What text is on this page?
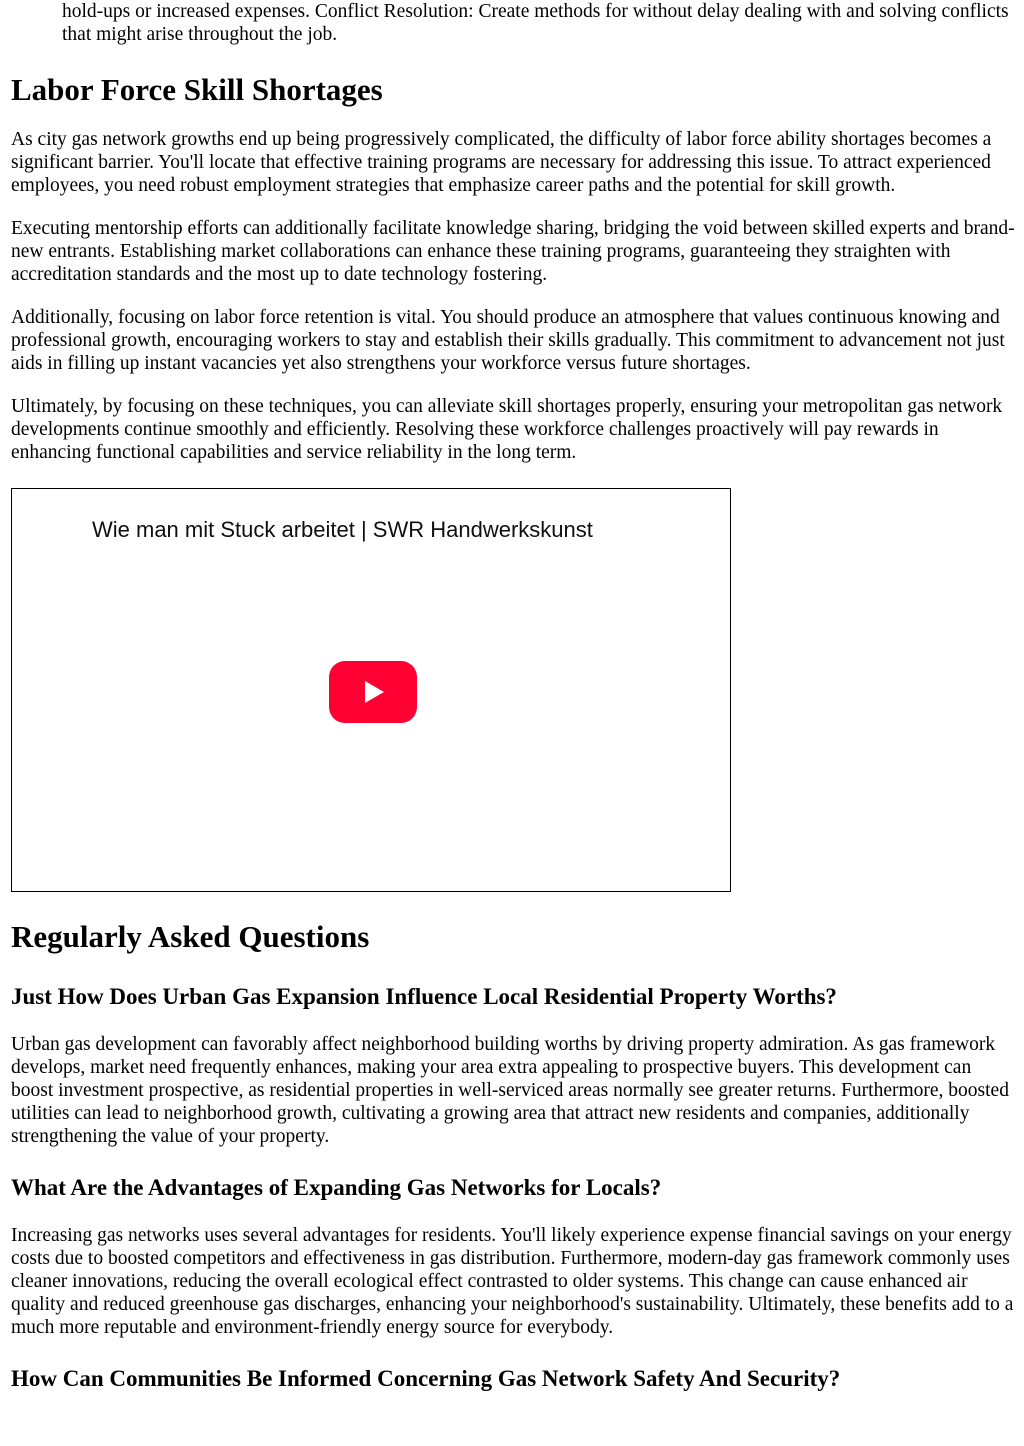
hold-ups or increased expenses. Conflict Resolution: Create methods for without delay dealing with and solving conflicts that might arise throughout the job.

Labor Force Skill Shortages

As city gas network growths end up being progressively complicated, the difficulty of labor force ability shortages becomes a significant barrier. You'll locate that effective training programs are necessary for addressing this issue. To attract experienced employees, you need robust employment strategies that emphasize career paths and the potential for skill growth.

Executing mentorship efforts can additionally facilitate knowledge sharing, bridging the void between skilled experts and brand-new entrants. Establishing market collaborations can enhance these training programs, guaranteeing they straighten with accreditation standards and the most up to date technology fostering.

Additionally, focusing on labor force retention is vital. You should produce an atmosphere that values continuous knowing and professional growth, encouraging workers to stay and establish their skills gradually. This commitment to advancement not just aids in filling up instant vacancies yet also strengthens your workforce versus future shortages.

Ultimately, by focusing on these techniques, you can alleviate skill shortages properly, ensuring your metropolitan gas network developments continue smoothly and efficiently. Resolving these workforce challenges proactively will pay rewards in enhancing functional capabilities and service reliability in the long term.

Wie man mit Stuck arbeitet | SWR Handwerkskunst
Regularly Asked Questions
Just How Does Urban Gas Expansion Influence Local Residential Property Worths?

Urban gas development can favorably affect neighborhood building worths by driving property admiration. As gas framework develops, market need frequently enhances, making your area extra appealing to prospective buyers. This development can boost investment prospective, as residential properties in well-serviced areas normally see greater returns. Furthermore, boosted utilities can lead to neighborhood growth, cultivating a growing area that attract new residents and companies, additionally strengthening the value of your property.

What Are the Advantages of Expanding Gas Networks for Locals?

Increasing gas networks uses several advantages for residents. You'll likely experience expense financial savings on your energy costs due to boosted competitors and effectiveness in gas distribution. Furthermore, modern-day gas framework commonly uses cleaner innovations, reducing the overall ecological effect contrasted to older systems. This change can cause enhanced air quality and reduced greenhouse gas discharges, enhancing your neighborhood's sustainability. Ultimately, these benefits add to a much more reputable and environment-friendly energy source for everybody.

How Can Communities Be Informed Concerning Gas Network Safety And Security?
